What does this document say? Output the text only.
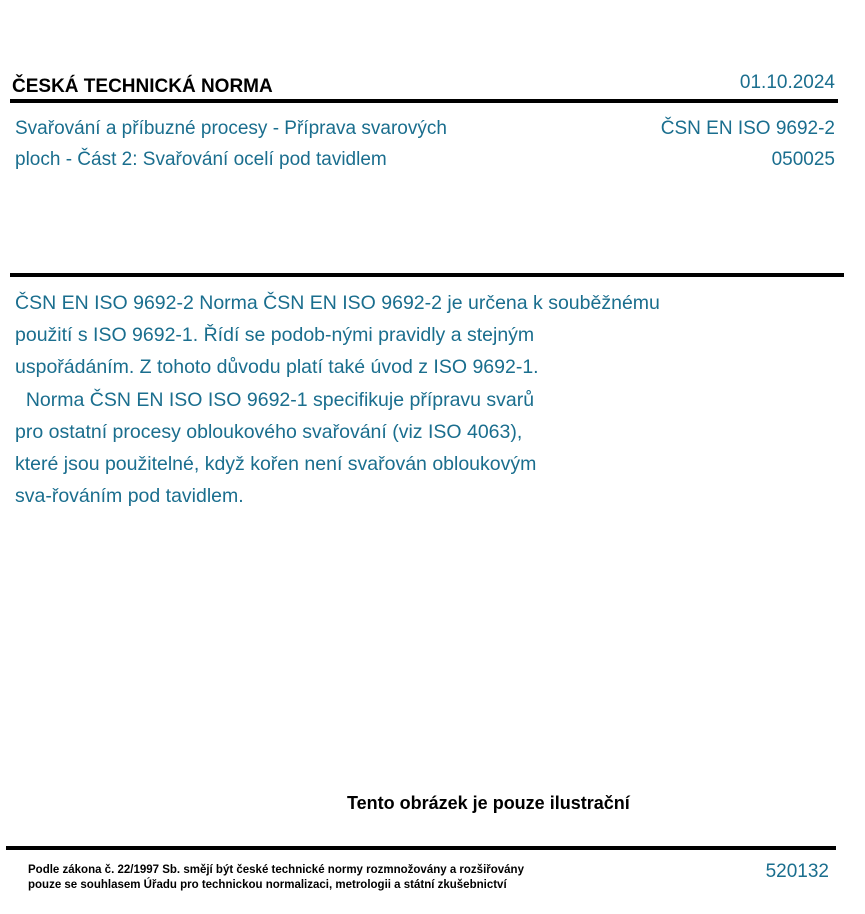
ČESKÁ TECHNICKÁ NORMA	01.10.2024
Svařování a příbuzné procesy - Příprava svarových
ploch - Část 2: Svařování ocelí pod tavidlem
ČSN EN ISO 9692-2
050025
ČSN EN ISO 9692-2 Norma ČSN EN ISO 9692-2 je určena k souběžnému
použití s ISO 9692-1. Řídí se podob-nými pravidly a stejným
uspořádáním. Z tohoto důvodu platí také úvod z ISO 9692-1.
Norma ČSN EN ISO ISO 9692-1 specifikuje přípravu svarů
pro ostatní procesy obloukového svařování (viz ISO 4063),
které jsou použitelné, když kořen není svařován obloukovým
sva-řováním pod tavidlem.
Tento obrázek je pouze ilustrační
Podle zákona č. 22/1997 Sb. smějí být české technické normy rozmnožovány a rozšiřovány
pouze se souhlasem Úřadu pro technickou normalizaci, metrologii a státní zkušebnictví
520132
